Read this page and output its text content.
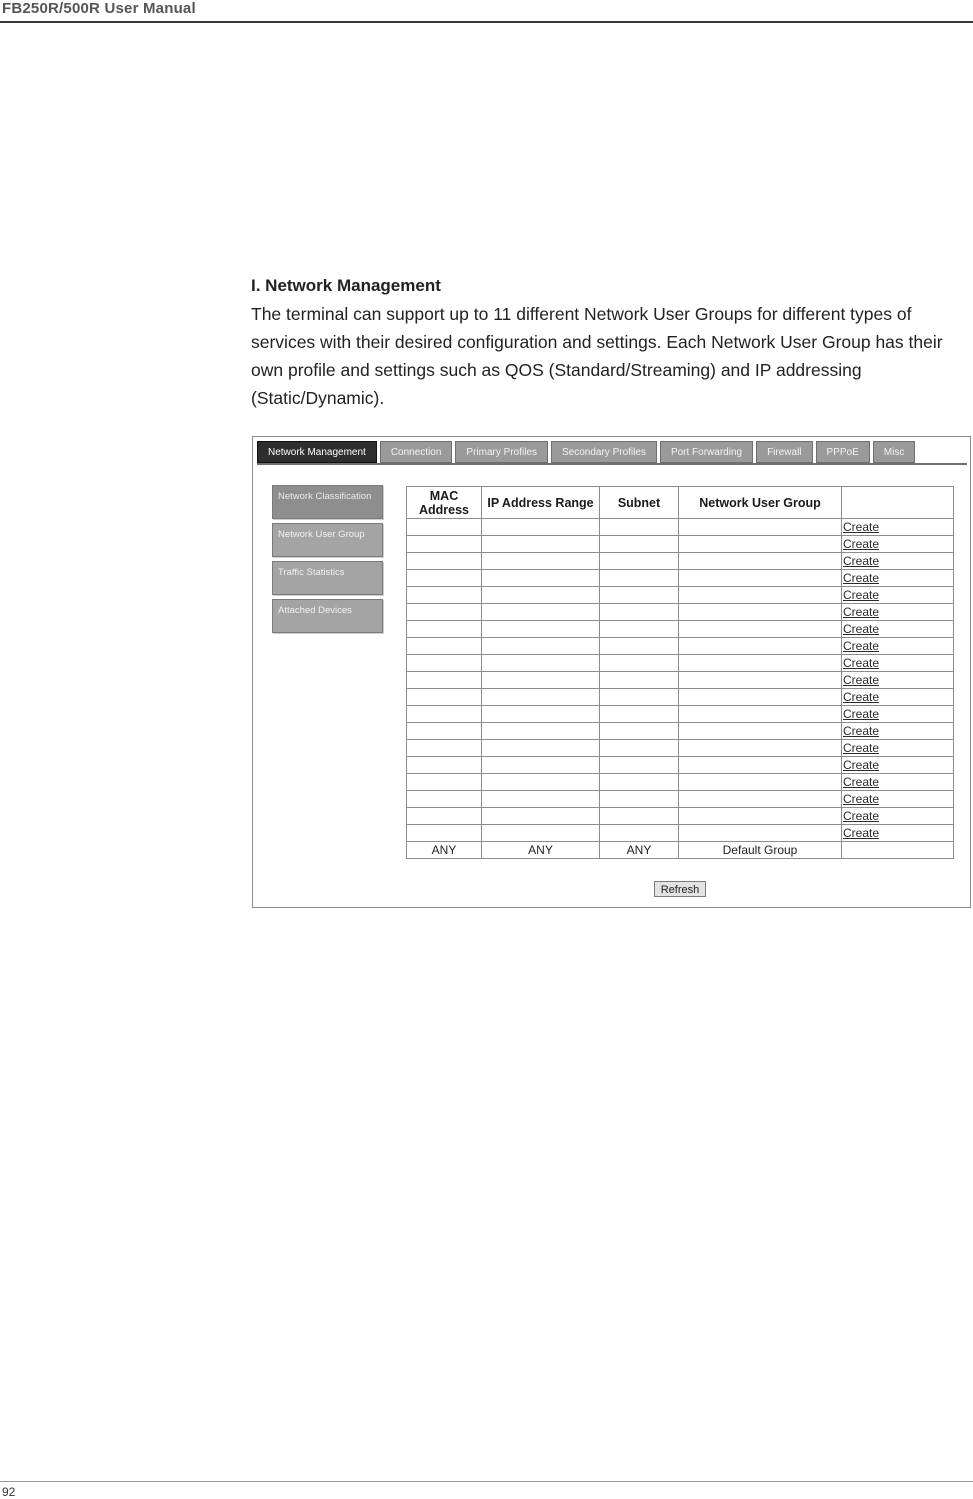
FB250R/500R User Manual
I. Network Management
The terminal can support up to 11 different Network User Groups for different types of services with their desired configuration and settings. Each Network User Group has their own profile and settings such as QOS (Standard/Streaming) and IP addressing (Static/Dynamic).
Network Management	Connection	Primary Profiles	Secondary Profiles	Port Forwarding	Firewall	PPPoE	Misc
Network Classification
Network User Group
Traffic Statistics
Attached Devices
MAC Address	IP Address Range	Subnet	Network User Group	
				Create
				Create
				Create
				Create
				Create
				Create
				Create
				Create
				Create
				Create
				Create
				Create
				Create
				Create
				Create
				Create
				Create
				Create
				Create
ANY	ANY	ANY	Default Group	
Refresh
92
